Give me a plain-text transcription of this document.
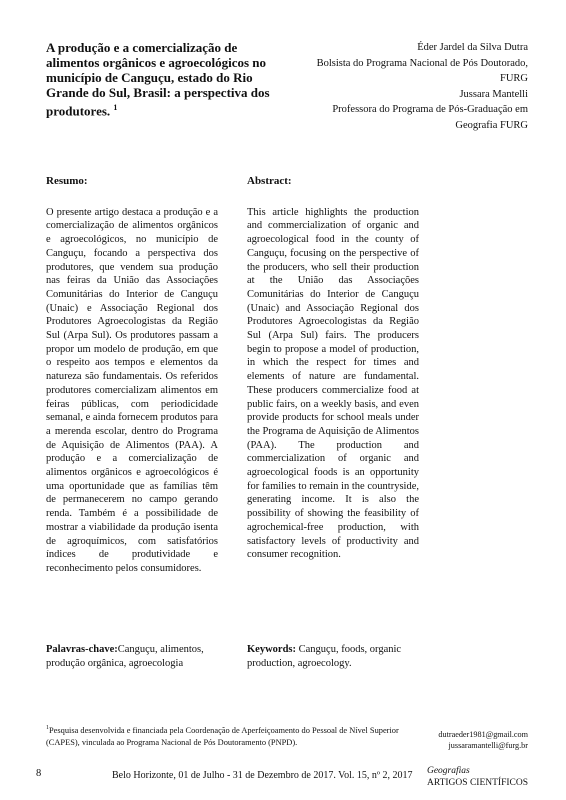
A produção e a comercialização de alimentos orgânicos e agroecológicos no município de Canguçu, estado do Rio Grande do Sul, Brasil: a perspectiva dos produtores. $^1$
Éder Jardel da Silva Dutra
Bolsista do Programa Nacional de Pós Doutorado,
FURG
Jussara Mantelli
Professora do Programa de Pós-Graduação em
Geografia FURG
Resumo:
O presente artigo destaca a produção e a comercialização de alimentos orgânicos e agroecológicos, no município de Canguçu, focando a perspectiva dos produtores, que vendem sua produção nas feiras da União das Associações Comunitárias do Interior de Canguçu (Unaic) e Associação Regional dos Produtores Agroecologistas da Região Sul (Arpa Sul). Os produtores passam a propor um modelo de produção, em que o respeito aos tempos e elementos da natureza são fundamentais. Os referidos produtores comercializam alimentos em feiras públicas, com periodicidade semanal, e ainda fornecem produtos para a merenda escolar, dentro do Programa de Aquisição de Alimentos (PAA). A produção e a comercialização de alimentos orgânicos e agroecológicos é uma oportunidade que as famílias têm de permanecerem no campo gerando renda. Também é a possibilidade de mostrar a viabilidade da produção isenta de agroquímicos, com satisfatórios índices de produtividade e reconhecimento pelos consumidores.
Abstract:
This article highlights the production and commercialization of organic and agroecological food in the county of Canguçu, focusing on the perspective of the producers, who sell their production at the União das Associações Comunitárias do Interior de Canguçu (Unaic) and Associação Regional dos Produtores Agroecologistas da Região Sul (Arpa Sul) fairs. The producers begin to propose a model of production, in which the respect for times and elements of nature are fundamental. These producers commercialize food at public fairs, on a weekly basis, and even provide products for school meals under the Programa de Aquisição de Alimentos (PAA). The production and commercialization of organic and agroecological foods is an opportunity for families to remain in the countryside, generating income. It is also the possibility of showing the feasibility of agrochemical-free production, with satisfactory levels of productivity and consumer recognition.
Palavras-chave:Canguçu, alimentos, produção orgânica, agroecologia
Keywords: Canguçu, foods, organic production, agroecology.
$^1$Pesquisa desenvolvida e financiada pela Coordenação de Aperfeiçoamento do Pessoal de Nível Superior (CAPES), vinculada ao Programa Nacional de Pós Doutoramento (PNPD).
dutraeder1981@gmail.com
jussaramantelli@furg.br
8	Belo Horizonte, 01 de Julho - 31 de Dezembro de 2017. Vol. 15, nº 2, 2017 Geografias
ARTIGOS CIENTÍFICOS
